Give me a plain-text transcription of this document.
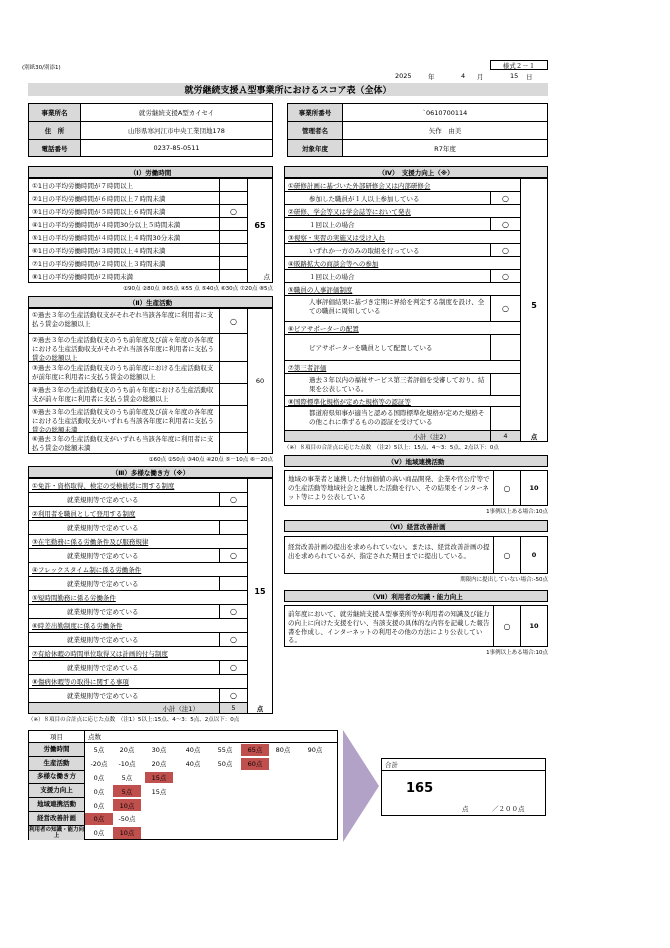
(別紙30/別添1)	様式２－１
2025	年	4 月	15 日
就労継続支援Ａ型事業所におけるスコア表（全体）
事業所名	就労継続支援A型カイセイ
住　所	山形県寒河江市中央工業団地178
電話番号	0237-85-0511
事業所番号	`0610700114
管理者名	矢作　由美
対象年度	R7年度
（Ⅰ）労働時間
65
点
①1日の平均労働時間が７時間以上
②1日の平均労働時間が６時間以上７時間未満
③1日の平均労働時間が５時間以上６時間未満	○
④1日の平均労働時間が４時間30分以上５時間未満
⑤1日の平均労働時間が４時間以上４時間30分未満
⑥1日の平均労働時間が３時間以上４時間未満
⑦1日の平均労働時間が２時間以上３時間未満
⑧1日の平均労働時間が２時間未満
①90点 ②80点 ③65点 ④55 点 ⑤40点 ⑥30点 ⑦20点 ⑧5点
（Ⅱ）生産活動
60
①過去３年の生産活動収支がそれぞれ当該各年度に利用者に支払う賃金の総額以上	○
②過去３年の生産活動収支のうち前年度及び前々年度の各年度における生産活動収支がそれぞれ当該各年度に利用者に支払う賃金の総額以上
③過去３年の生産活動収支のうち前年度における生産活動収支が前年度に利用者に支払う賃金の総額以上
④過去３年の生産活動収支のうち前々年度における生産活動収支が前々年度に利用者に支払う賃金の総額以上
⑤過去３年の生産活動収支のうち前年度及び前々年度の各年度における生産活動収支がいずれも当該各年度に利用者に支払う賃金の総額未満
⑥過去３年の生産活動収支がいずれも当該各年度に利用者に支払う賃金の総額未満
①60点 ②50点 ③40点 ④20点 ⑤－10点 ⑥－20点
（Ⅲ）多様な働き方（※）
15
①免許・資格取得、検定の受検勧奨に関する制度
就業規則等で定めている	○
②利用者を職員として登用する制度
就業規則等で定めている
③在宅勤務に係る労働条件及び服務規律
就業規則等で定めている	○
④フレックスタイム制に係る労働条件
就業規則等で定めている
⑤短時間勤務に係る労働条件
就業規則等で定めている	○
⑥時差出勤制度に係る労働条件
就業規則等で定めている	○
⑦有給休暇の時間単位取得又は計画的付与制度
就業規則等で定めている	○
⑧傷病休暇等の取得に関する事項
就業規則等で定めている	○
小計（注1）	5	点
（※）８項目の合計点に応じた点数　（注1）5以上:15点、4～3：5点、2点以下：0点
（Ⅳ）　支援力向上（※）
5
①研修計画に基づいた外部研修会又は内部研修会
参加した職員が１人以上参加している	○
②研修、学会等又は学会誌等において発表
１回以上の場合	○
③視察・実習の実施又は受け入れ
いずれか一方のみの取組を行っている	○
④販路拡大の商談会等への参加
１回以上の場合	○
⑤職員の人事評価制度
人事評価結果に基づき定期に昇給を判定する制度を設け、全ての職員に周知している	○
⑥ピアサポーターの配置
ピアサポーターを職員として配置している
⑦第三者評価
過去３年以内の福祉サービス第三者評価を受審しており、結果を公表している。
⑧国際標準化規格が定めた規格等の認証等
都道府県知事が適当と認める国際標準化規格が定めた規格その他これに準ずるものの認証を受けている
小計（注2）	4	点
（※）８項目の合計点に応じた点数　（注2）5以上：15点、4～3：5点、2点以下：0点
（Ⅴ）地域連携活動
地域の事業者と連携した付加価値の高い商品開発、企業や官公庁等での生産活動等地域社会と連携した活動を行い、その結果をインターネット等により公表している
○	10
1事例以上ある場合:10点
（Ⅵ）経営改善計画
経営改善計画の提出を求められていない。または、経営改善計画の提出を求められているが、指定された期日までに提出している。	○	0
期限内に提出していない場合:-50点
（Ⅶ）利用者の知識・能力向上
前年度において、就労継続支援Ａ型事業所等が利用者の知識及び能力の向上に向けた支援を行い、当該支援の具体的な内容を記載した報告書を作成し、インターネットの利用その他の方法により公表している。
○	10
1事例以上ある場合:10点
項目	点数
労働時間	5点	20点	30点	40点	55点	65点	80点	90点
生産活動	-20点	-10点	20点	40点	50点	60点
多様な働き方	0点	5点	15点
支援力向上	0点	5点	15点
地域連携活動	0点	10点
経営改善計画	0点	-50点
利用者の知識・能力向上	0点	10点
合計
165
点	／２００点
